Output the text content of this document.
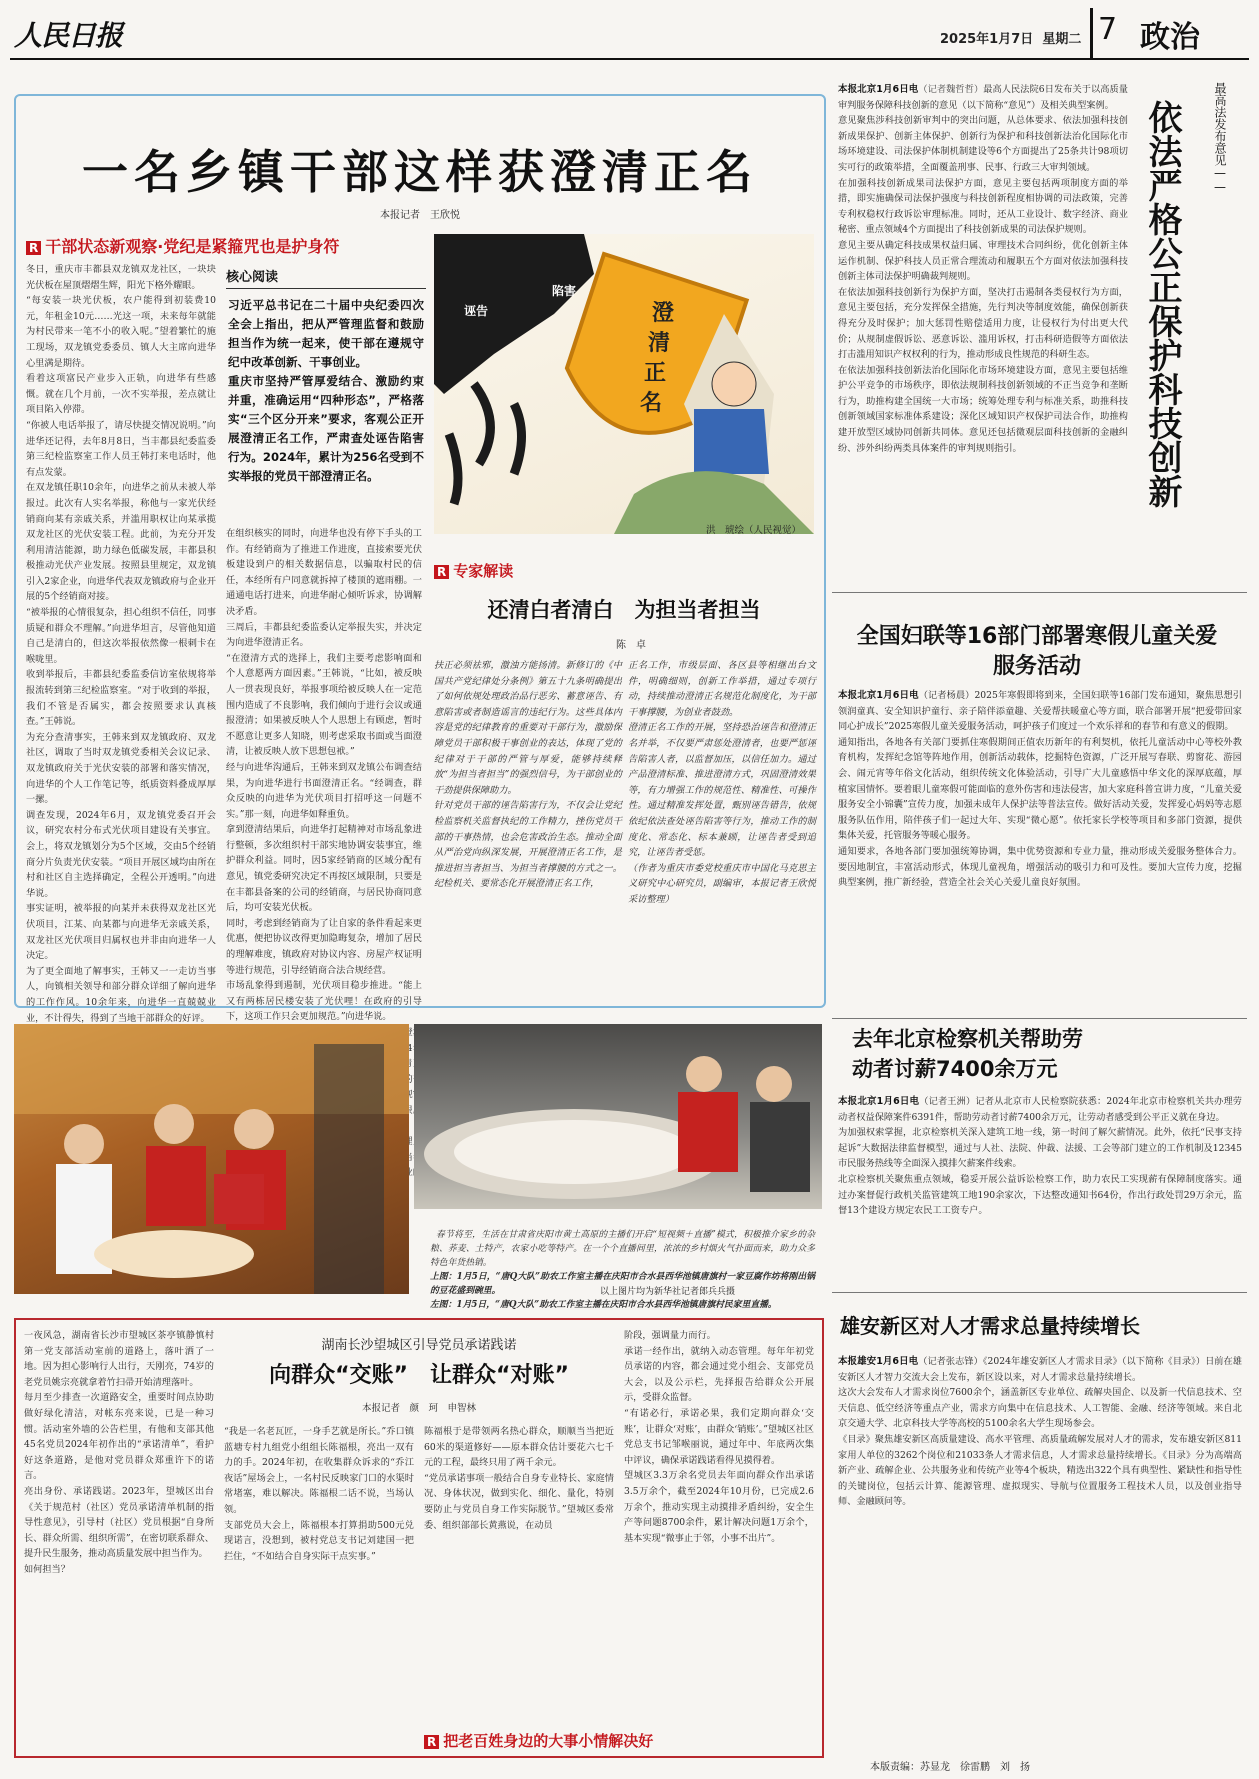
人民日报	2025年1月7日 星期二 7 政治
一名乡镇干部这样获澄清正名
本报记者　王欣悦
R 干部状态新观察·党纪是紧箍咒也是护身符
冬日，重庆市丰都县双龙镇双龙社区，一块块光伏板在屋顶熠熠生辉，阳光下格外耀眼。
“每安装一块光伏板，农户能得到初装费10元，年租金10元……光这一项，未来每年就能为村民带来一笔不小的收入呢。”望着繁忙的施工现场，双龙镇党委委员、镇人大主席向进华心里满是期待。
看着这项富民产业步入正轨，向进华有些感慨。就在几个月前，一次不实举报，差点就让项目陷入停滞。
“你被人电话举报了，请尽快提交情况说明。”向进华还记得，去年8月8日，当丰都县纪委监委第三纪检监察室工作人员王韩打来电话时，他有点发蒙。
在双龙镇任职10余年，向进华之前从未被人举报过。此次有人实名举报，称他与一家光伏经销商向某有亲戚关系，并滥用职权让向某承揽双龙社区的光伏安装工程。此前，为充分开发利用清洁能源，助力绿色低碳发展，丰都县积极推动光伏产业发展。按照县里规定，双龙镇引入2家企业，向进华代表双龙镇政府与企业开展的5个经销商对接。
“被举报的心情很复杂，担心组织不信任，同事质疑和群众不理解。”向进华坦言，尽管他知道自己是清白的，但这次举报依然像一根刺卡在喉咙里。
收到举报后，丰都县纪委监委信访室依规将举报流转到第三纪检监察室。“对于收到的举报，我们不管是否属实，都会按照要求认真核查。”王韩说。
为充分查清事实，王韩来到双龙镇政府、双龙社区，调取了当时双龙镇党委相关会议记录、双龙镇政府关于光伏安装的部署和落实情况，向进华的个人工作笔记等，纸质资料叠成厚厚一摞。
调查发现，2024年6月，双龙镇党委召开会议，研究农村分布式光伏项目建设有关事宜。会上，将双龙镇划分为5个区域，交由5个经销商分片负责光伏安装。“项目开展区域均由所在村和社区自主选择确定，全程公开透明。”向进华说。
事实证明，被举报的向某并未获得双龙社区光伏项目，江某、向某都与向进华无亲戚关系，双龙社区光伏项目归属权也并非由向进华一人决定。
为了更全面地了解事实，王韩又一一走访当事人，向镇相关领导和部分群众详细了解向进华的工作作风。10余年来，向进华一直兢兢业业，不计得失，得到了当地干部群众的好评。
核心阅读
习近平总书记在二十届中央纪委四次全会上指出，把从严管理监督和鼓励担当作为统一起来，使干部在遵规守纪中改革创新、干事创业。
重庆市坚持严管厚爱结合、激励约束并重，准确运用“四种形态”，严格落实“三个区分开来”要求，客观公正开展澄清正名工作，严肃查处诬告陷害行为。2024年，累计为256名受到不实举报的党员干部澄清正名。
诬告
陷害
澄
清
正
名
洪　琥绘（人民视觉）
在组织核实的同时，向进华也没有停下手头的工作。有经销商为了推进工作进度，直接索要光伏板建设到户的相关数据信息，以骗取村民的信任，本经所有户同意就拆掉了楼顶的遮雨棚。一通通电话打进来，向进华耐心倾听诉求，协调解决矛盾。
三周后，丰都县纪委监委认定举报失实，并决定为向进华澄清正名。
“在澄清方式的选择上，我们主要考虑影响面和个人意愿两方面因素。”王韩说，“比如，被反映人一贯表现良好，举报事项给被反映人在一定范围内造成了不良影响，我们倾向于进行会议或通报澄清；如果被反映人个人思想上有顾虑，暂时不愿意让更多人知晓，则考虑采取书面或当面澄清，让被反映人放下思想包袱。”
经与向进华沟通后，王韩来到双龙镇公布调查结果，为向进华进行书面澄清正名。“经调查，群众反映的向进华为光伏项目打招呼这一问题不实。”那一刻，向进华如释重负。
拿到澄清结果后，向进华打起精神对市场乱象进行整顿，多次组织村干部实地协调安装事宜，维护群众利益。同时，因5家经销商的区域分配有意见，镇党委研究决定不再按区域限制，只要是在丰都县备案的公司的经销商，与居民协商同意后，均可安装光伏板。
同时，考虑到经销商为了让自家的条件看起来更优惠，便把协议改得更加隐晦复杂，增加了居民的理解难度，镇政府对协议内容、房屋产权证明等进行规范，引导经销商合法合规经营。
市场乱象得到遏制，光伏项目稳步推进。“能上又有两栋居民楼安装了光伏哩！在政府的引导下，这项工作只会更加规范。”向进华说。

R 专家解读
还清白者清白　为担当者担当
陈　卓
扶正必须祛邪，激浊方能扬清。新修订的《中国共产党纪律处分条例》第五十九条明确提出了如何依规处理政治品行恶劣、蓄意诬告、有意陷害或者制造谣言的违纪行为。这些具体内容是党的纪律教育的重要对干部行为，激励保障党员干部积极干事创业的表达，体现了党的纪律对于干部的严管与厚爱，能够持续释放“为担当者担当”的强烈信号，为干部创业的干劲提供保障助力。
针对党员干部的诬告陷害行为，不仅会让党纪检监察机关监督执纪的工作精力，挫伤党员干部的干事热情，也会危害政治生态。推动全面从严治党向纵深发展，开展澄清正名工作，是推进担当者担当、为担当者撑腰的方式之一。纪检机关、要常态化开展澄清正名工作，
正名工作，市级层面、各区县等相继出台文件，明确细则，创新工作举措，通过专项行动，持续推动澄清正名规范化制度化，为干部干事撑腰，为创业者鼓劲。
澄清正名工作的开展，坚持恐治诬告和澄清正名并举，不仅要严肃惩处澄清者，也要严惩诬告陷害人者，以监督加压，以信任加力。通过产品澄清标准、推进澄清方式，巩固澄清效果等，有力增强工作的规范性、精准性、可操作性。通过精准发挥处置，甄别诬告错告，依规依纪依法查处诬告陷害等行为，推动工作的制度化、常态化、标本兼顾，让诬告者受到追究，让诬告者受惩。
（作者为重庆市委党校重庆市中国化马克思主义研究中心研究员，副编审，本报记者王欣悦采访整理）
本报北京1月6日电（记者魏哲哲）最高人民法院6日发布关于以高质量审判服务保障科技创新的意见（以下简称“意见”）及相关典型案例。
意见聚焦涉科技创新审判中的突出问题，从总体要求、依法加强科技创新成果保护、创新主体保护、创新行为保护和科技创新法治化国际化市场环境建设、司法保护体制机制建设等6个方面提出了25条共计98项切实可行的政策举措，全面覆盖刑事、民事、行政三大审判领域。
在加强科技创新成果司法保护方面，意见主要包括两项制度方面的举措，即实施确保司法保护强度与科技创新程度相协调的司法政策，完善专利权稳权行政诉讼审理标准。同时，还从工业设计、数字经济、商业秘密、重点领域4个方面提出了科技创新成果的司法保护规则。
意见主要从确定科技成果权益归属、审理技术合同纠纷，优化创新主体运作机制、保护科技人员正常合理流动和履职五个方面对依法加强科技创新主体司法保护明确裁判规则。
在依法加强科技创新行为保护方面，坚决打击遏制各类侵权行为方面，意见主要包括，充分发挥保全措施，先行判决等制度效能，确保创新获得充分及时保护；加大惩罚性赔偿适用力度，让侵权行为付出更大代价；从规制虚假诉讼、恶意诉讼、滥用诉权，打击科研造假等方面依法打击滥用知识产权权利的行为，推动形成良性规范的科研生态。
在依法加强科技创新法治化国际化市场环境建设方面，意见主要包括维护公平竞争的市场秩序，即依法规制科技创新领域的不正当竞争和垄断行为，助推构建全国统一大市场；统筹处理专利与标准关系，助推科技创新领域国家标准体系建设；深化区域知识产权保护司法合作，助推构建开放型区域协同创新共同体。意见还包括微观层面科技创新的金融纠纷、涉外纠纷两类具体案件的审判规则指引。
最高法发布意见——
依法严格公正保护科技创新
全国妇联等16部门部署寒假儿童关爱服务活动
本报北京1月6日电（记者杨晨）2025年寒假即将到来，全国妇联等16部门发布通知，聚焦思想引领润童真、安全知识护童行、亲子陪伴添童趣、关爱帮扶暖童心等方面，联合部署开展“把爱带回家　同心护成长”2025寒假儿童关爱服务活动，呵护孩子们度过一个欢乐祥和的春节和有意义的假期。
通知指出，各地各有关部门要抓住寒假期间正值农历新年的有利契机，依托儿童活动中心等校外教育机构，发挥纪念馆等阵地作用，创新活动载体，挖掘特色资源，广泛开展写春联、剪窗花、游园会、闹元宵等年俗文化活动，组织传统文化体验活动，引导广大儿童感悟中华文化的深厚底蕴，厚植家国情怀。要着眼儿童寒假可能面临的意外伤害和违法侵害，加大家庭科普宣讲力度，“儿童关爱服务安全小锦囊”宣传力度，加强未成年人保护法等普法宣传。做好活动关爱，发挥爱心妈妈等志愿服务队伍作用，陪伴孩子们一起过大年、实现“微心愿”。依托家长学校等项目和多部门资源，提供集体关爱，托管服务等暖心服务。
通知要求，各地各部门要加强统筹协调，集中优势资源和专业力量，推动形成关爱服务整体合力。要因地制宜，丰富活动形式，体现儿童视角，增强活动的吸引力和可及性。要加大宣传力度，挖掘典型案例，推广新经验，营造全社会关心关爱儿童良好氛围。
去年北京检察机关帮助劳动者讨薪7400余万元
本报北京1月6日电（记者王洲）记者从北京市人民检察院获悉：2024年北京市检察机关共办理劳动者权益保障案件6391件，帮助劳动者讨薪7400余万元，让劳动者感受到公平正义就在身边。
为加强权索掌握，北京检察机关深入建筑工地一线，第一时间了解欠薪情况。此外，依托“民事支持起诉”大数据法律监督模型，通过与人社、法院、仲裁、法援、工会等部门建立的工作机制及12345市民服务热线等全面深入摸排欠薪案件线索。
北京检察机关聚焦重点领域，稳妥开展公益诉讼检察工作，助力农民工实现薪有保障制度落实。通过办案督促行政机关监管建筑工地190余家次，下达整改通知书64份，作出行政处罚29万余元，监督13个建设方规定农民工工资专户。

春节将至，生活在甘肃省庆阳市黄土高原的主播们开启“短视频＋直播”模式，积极推介家乡的杂粮、荞麦、土特产，农家小吃等特产。在一个个直播间里，浓浓的乡村烟火气扑面而来，助力众多特色年货热销。
上图：1月5日，“唐Q大队”助农工作室主播在庆阳市合水县西华池镇唐旗村一家豆腐作坊将刚出锅的豆花盛到碗里。
左图：1月5日，“唐Q大队”助农工作室主播在庆阳市合水县西华池镇唐旗村民家里直播。

以上图片均为新华社记者郎兵兵摄
雄安新区对人才需求总量持续增长
本报雄安1月6日电（记者张志锋）《2024年雄安新区人才需求目录》（以下简称《目录》）日前在雄安新区人才智力交流大会上发布，新区设以来，对人才需求总量持续增长。
这次大会发布人才需求岗位7600余个，涵盖新区专业单位、疏解央国企、以及新一代信息技术、空天信息、低空经济等重点产业，需求方向集中在信息技术、人工智能、金融、经济等领域。来自北京交通大学、北京科技大学等高校的5100余名大学生现场参会。
《目录》聚焦雄安新区高质量建设、高水平管理、高质量疏解发展对人才的需求，发布雄安新区811家用人单位的3262个岗位和21033条人才需求信息，人才需求总量持续增长。《目录》分为高端高新产业、疏解企业、公共服务业和传统产业等4个板块，精选出322个具有典型性、紧缺性和指导性的关键岗位，包括云计算、能源管理、虚拟现实、导航与位置服务工程技术人员，以及创业指导师、金融顾问等。
一夜风急，湖南省长沙市望城区茶亭镇静慎村第一党支部活动室前的道路上，落叶洒了一地。因为担心影响行人出行，天刚亮，74岁的老党员姚宗亮就拿着竹扫帚开始清理落叶。
每月至少排查一次道路安全，重要时间点协助做好绿化清洁，对帐东亮来说，已是一种习惯。活动室外墙的公告栏里，有他和支部其他45名党员2024年初作出的“承诺清单”，看护好这条道路，是他对党员群众郑重许下的诺言。
亮出身份、承诺践诺。2023年，望城区出台《关于规范村（社区）党员承诺清单机制的指导性意见》，引导村（社区）党员根据“自身所长、群众所需、组织所需”，在密切联系群众、提升民生服务，推动高质量发展中担当作为。
如何担当？
湖南长沙望城区引导党员承诺践诺
向群众“交账”　让群众“对账”
本报记者　颜　珂　申智林
“我是一名老瓦匠，一身手艺就是所长。”乔口镇蓝塘专村九组党小组组长陈福根，亮出一双有力的手。2024年初，在收集群众诉求的“乔江夜话”屋场会上，一名村民反映家门口的水渠时常堵塞，难以解决。陈福根二话不说，当场认领。
支部党员大会上，陈福根本打算捐助500元兑现诺言，没想到，被村党总支书记刘建国一把拦住，“不如结合自身实际干点实事。”
陈福根于是带领两名热心群众，顺顺当当把近60米的渠道修好——原本群众估计要花六七千元的工程，最终只用了两千余元。
“党员承诺事项一般结合自身专业特长、家庭情况、身体状况，做到实化、细化、量化，特别要防止与党员自身工作实际脱节。”望城区委常委、组织部部长黄燕说，在动员
阶段，强调量力而行。
承诺一经作出，就纳入动态管理。每年年初党员承诺的内容，都会通过党小组会、支部党员大会，以及公示栏，先择报告给群众公开展示，受群众监督。
“有诺必行，承诺必果，我们定期向群众‘交账’，让群众‘对账’，由群众‘销账’。”望城区社区党总支书记邹喉丽说，通过年中、年底两次集中评议，确保承诺践诺看得见摸得着。
望城区3.3万余名党员去年面向群众作出承诺3.5万余个，截至2024年10月份，已完成2.6万余个，推动实现主动摸排矛盾纠纷，安全生产等问题8700余件，累计解决问题1万余个，基本实现“微事止于邻，小事不出片”。
R 把老百姓身边的大事小情解决好
本版责编：苏显龙　徐雷鹏　刘　扬
